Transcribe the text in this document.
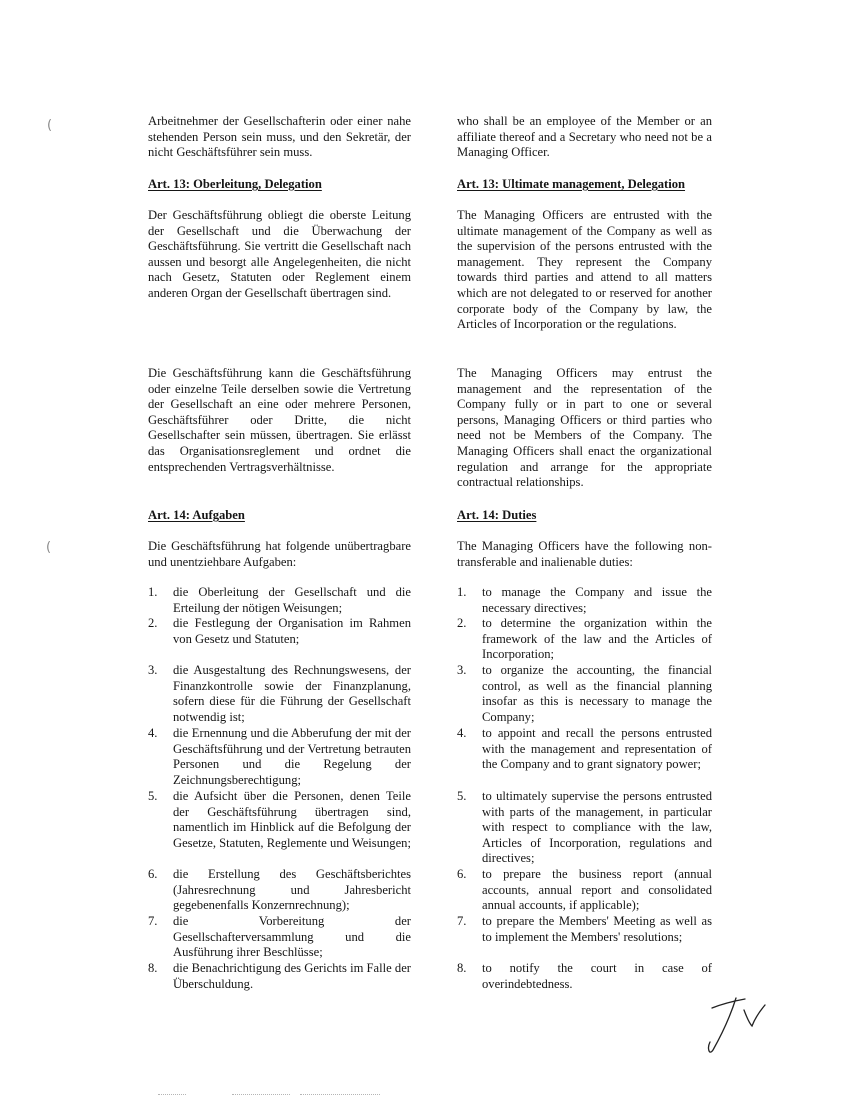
(
(

Arbeitnehmer der Gesellschafterin oder einer nahe stehenden Person sein muss, und den Sekretär, der nicht Geschäftsführer sein muss.

Art. 13: Oberleitung, Delegation

Der Geschäftsführung obliegt die oberste Leitung der Gesellschaft und die Überwachung der Geschäftsführung. Sie vertritt die Gesellschaft nach aussen und besorgt alle Angelegenheiten, die nicht nach Gesetz, Statuten oder Reglement einem anderen Organ der Gesellschaft übertragen sind.

Die Geschäftsführung kann die Geschäftsführung oder einzelne Teile derselben sowie die Vertretung der Gesellschaft an eine oder mehrere Personen, Geschäftsführer oder Dritte, die nicht Gesellschafter sein müssen, übertragen. Sie erlässt das Organisationsreglement und ordnet die entsprechenden Vertragsverhältnisse.

Art. 14: Aufgaben

Die Geschäftsführung hat folgende unübertragbare und unentziehbare Aufgaben:

1.	die Oberleitung der Gesellschaft und die Erteilung der nötigen Weisungen;
2.	die Festlegung der Organisation im Rahmen von Gesetz und Statuten;
3.	die Ausgestaltung des Rechnungswesens, der Finanzkontrolle sowie der Finanzplanung, sofern diese für die Führung der Gesellschaft notwendig ist;
4.	die Ernennung und die Abberufung der mit der Geschäftsführung und der Vertretung betrauten Personen und die Regelung der Zeichnungsberechtigung;
5.	die Aufsicht über die Personen, denen Teile der Geschäftsführung übertragen sind, namentlich im Hinblick auf die Befolgung der Gesetze, Statuten, Reglemente und Weisungen;
6.	die Erstellung des Geschäftsberichtes (Jahresrechnung und Jahresbericht gegebenenfalls Konzernrechnung);
7.	die Vorbereitung der Gesellschafterversammlung und die Ausführung ihrer Beschlüsse;
8.	die Benachrichtigung des Gerichts im Falle der Überschuldung.

who shall be an employee of the Member or an affiliate thereof and a Secretary who need not be a Managing Officer.

Art. 13: Ultimate management, Delegation

The Managing Officers are entrusted with the ultimate management of the Company as well as the supervision of the persons entrusted with the management. They represent the Company towards third parties and attend to all matters which are not delegated to or reserved for another corporate body of the Company by law, the Articles of Incorporation or the regulations.

The Managing Officers may entrust the management and the representation of the Company fully or in part to one or several persons, Managing Officers or third parties who need not be Members of the Company. The Managing Officers shall enact the organizational regulation and arrange for the appropriate contractual relationships.

Art. 14: Duties

The Managing Officers have the following non-transferable and inalienable duties:

1.	to manage the Company and issue the necessary directives;
2.	to determine the organization within the framework of the law and the Articles of Incorporation;
3.	to organize the accounting, the financial control, as well as the financial planning insofar as this is necessary to manage the Company;
4.	to appoint and recall the persons entrusted with the management and representation of the Company and to grant signatory power;
5.	to ultimately supervise the persons entrusted with parts of the management, in particular with respect to compliance with the law, Articles of Incorporation, regulations and directives;
6.	to prepare the business report (annual accounts, annual report and consolidated annual accounts, if applicable);
7.	to prepare the Members' Meeting as well as to implement the Members' resolutions;
8.	to notify the court in case of overindebtedness.
